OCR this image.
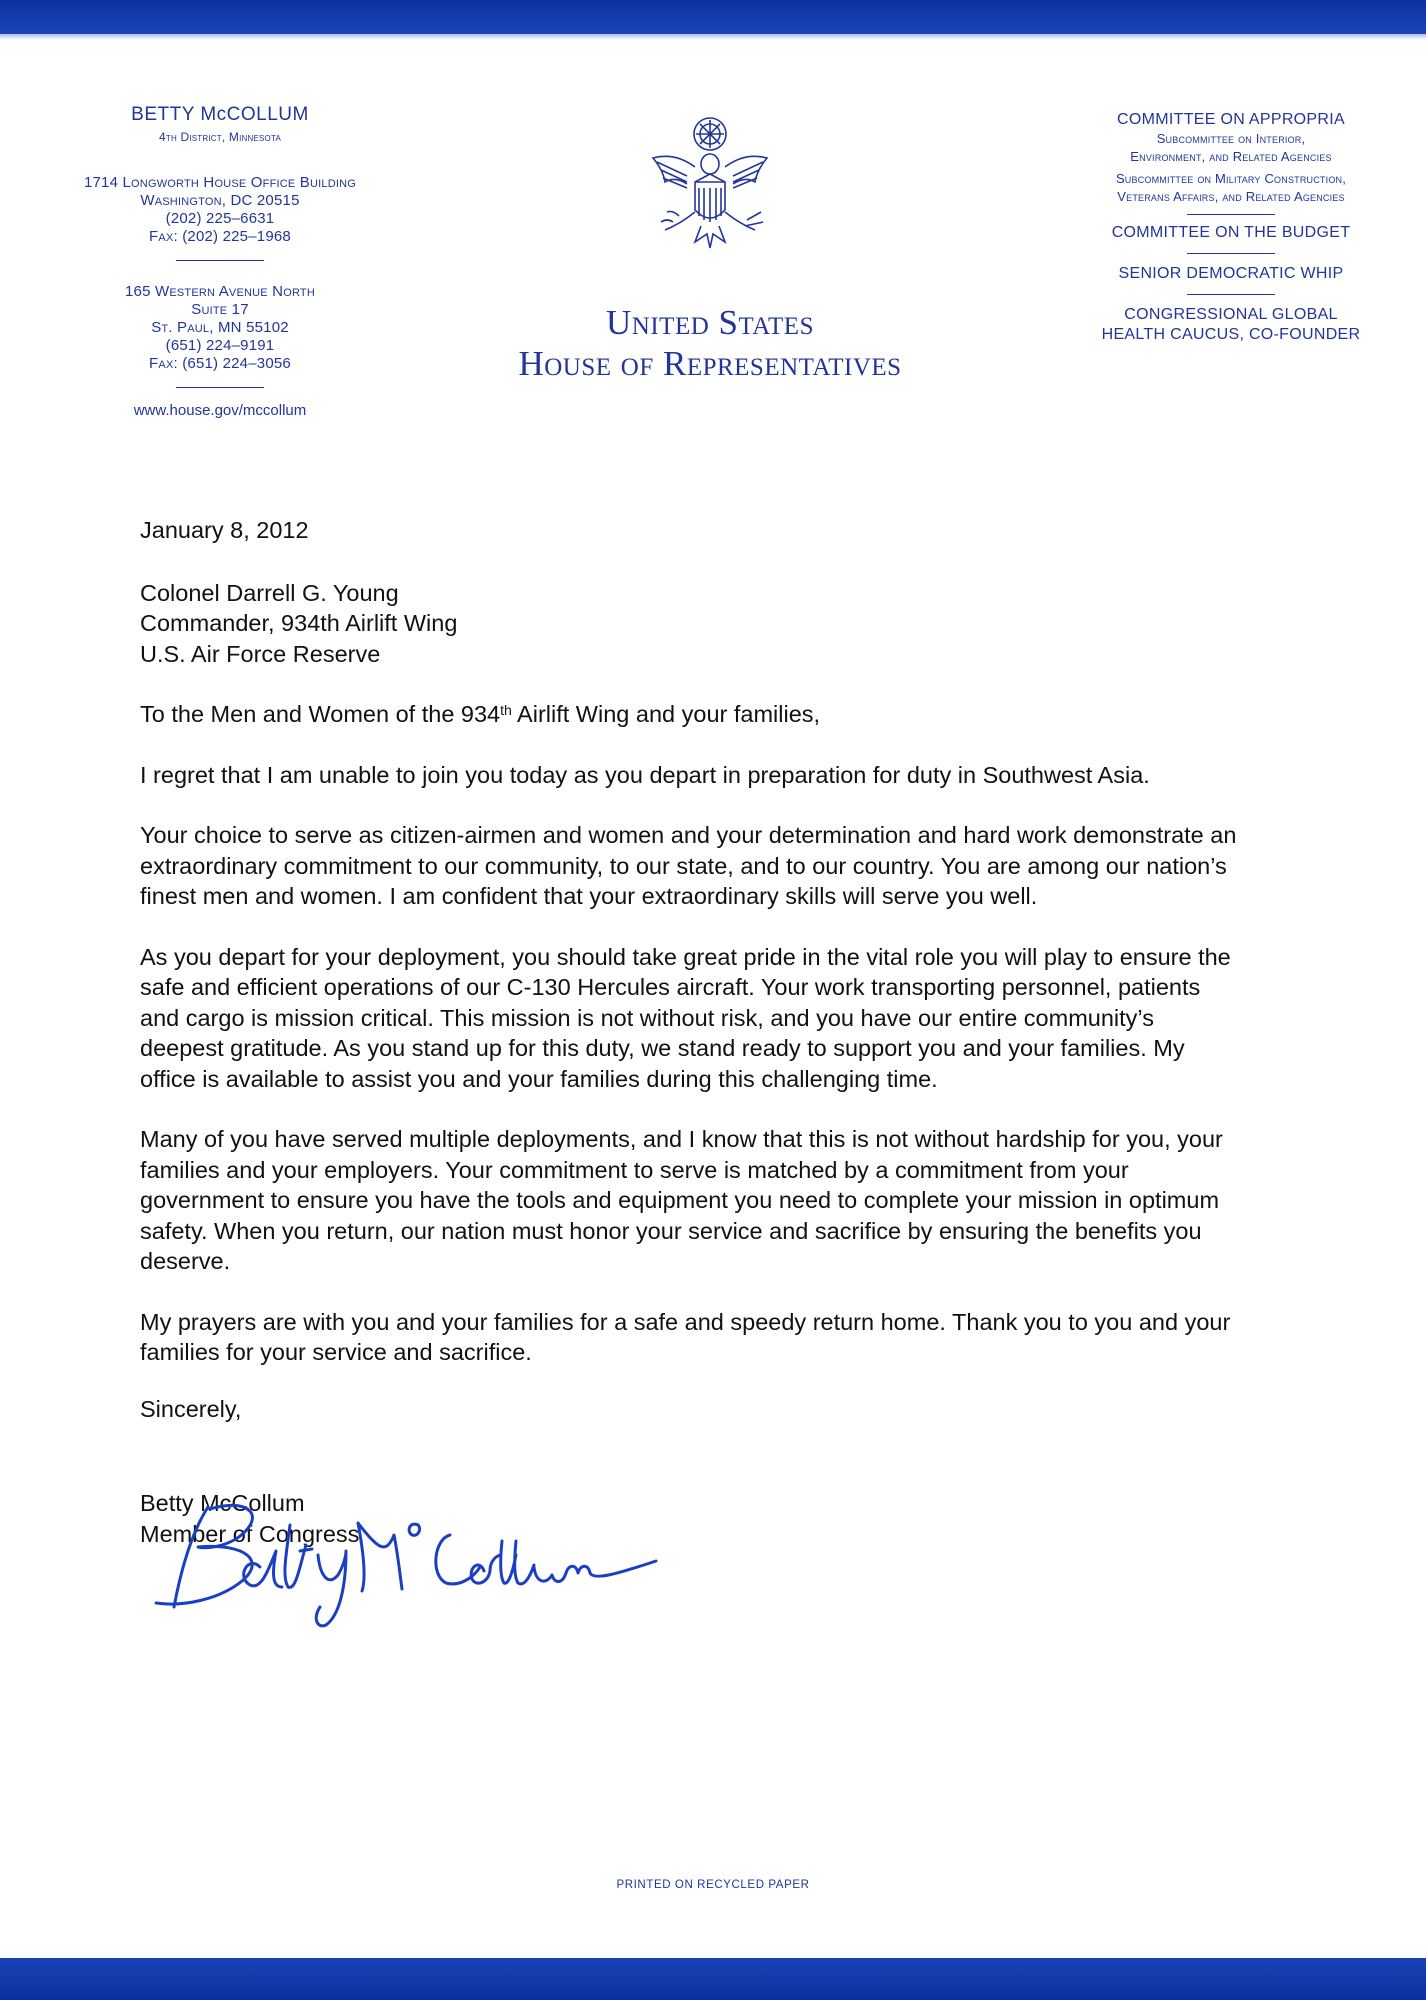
BETTY McCOLLUM
4th District, Minnesota
1714 Longworth House Office Building
Washington, DC 20515
(202) 225–6631
Fax: (202) 225–1968
165 Western Avenue North
Suite 17
St. Paul, MN 55102
(651) 224–9191
Fax: (651) 224–3056
www.house.gov/mccollum
United States
House of Representatives
COMMITTEE ON APPROPRIA
Subcommittee on Interior,
Environment, and Related Agencies
Subcommittee on Military Construction,
Veterans Affairs, and Related Agencies
COMMITTEE ON THE BUDGET
SENIOR DEMOCRATIC WHIP
CONGRESSIONAL GLOBAL
HEALTH CAUCUS, CO-FOUNDER

January 8, 2012

Colonel Darrell G. Young
Commander, 934th Airlift Wing
U.S. Air Force Reserve

To the Men and Women of the 934th Airlift Wing and your families,

I regret that I am unable to join you today as you depart in preparation for duty in Southwest Asia.

Your choice to serve as citizen-airmen and women and your determination and hard work demonstrate an extraordinary commitment to our community, to our state, and to our country. You are among our nation’s finest men and women. I am confident that your extraordinary skills will serve you well.

As you depart for your deployment, you should take great pride in the vital role you will play to ensure the safe and efficient operations of our C-130 Hercules aircraft. Your work transporting personnel, patients and cargo is mission critical. This mission is not without risk, and you have our entire community’s deepest gratitude. As you stand up for this duty, we stand ready to support you and your families. My office is available to assist you and your families during this challenging time.

Many of you have served multiple deployments, and I know that this is not without hardship for you, your families and your employers. Your commitment to serve is matched by a commitment from your government to ensure you have the tools and equipment you need to complete your mission in optimum safety. When you return, our nation must honor your service and sacrifice by ensuring the benefits you deserve.

My prayers are with you and your families for a safe and speedy return home. Thank you to you and your families for your service and sacrifice.

Sincerely,
Betty McCollum
Member of Congress
PRINTED ON RECYCLED PAPER
